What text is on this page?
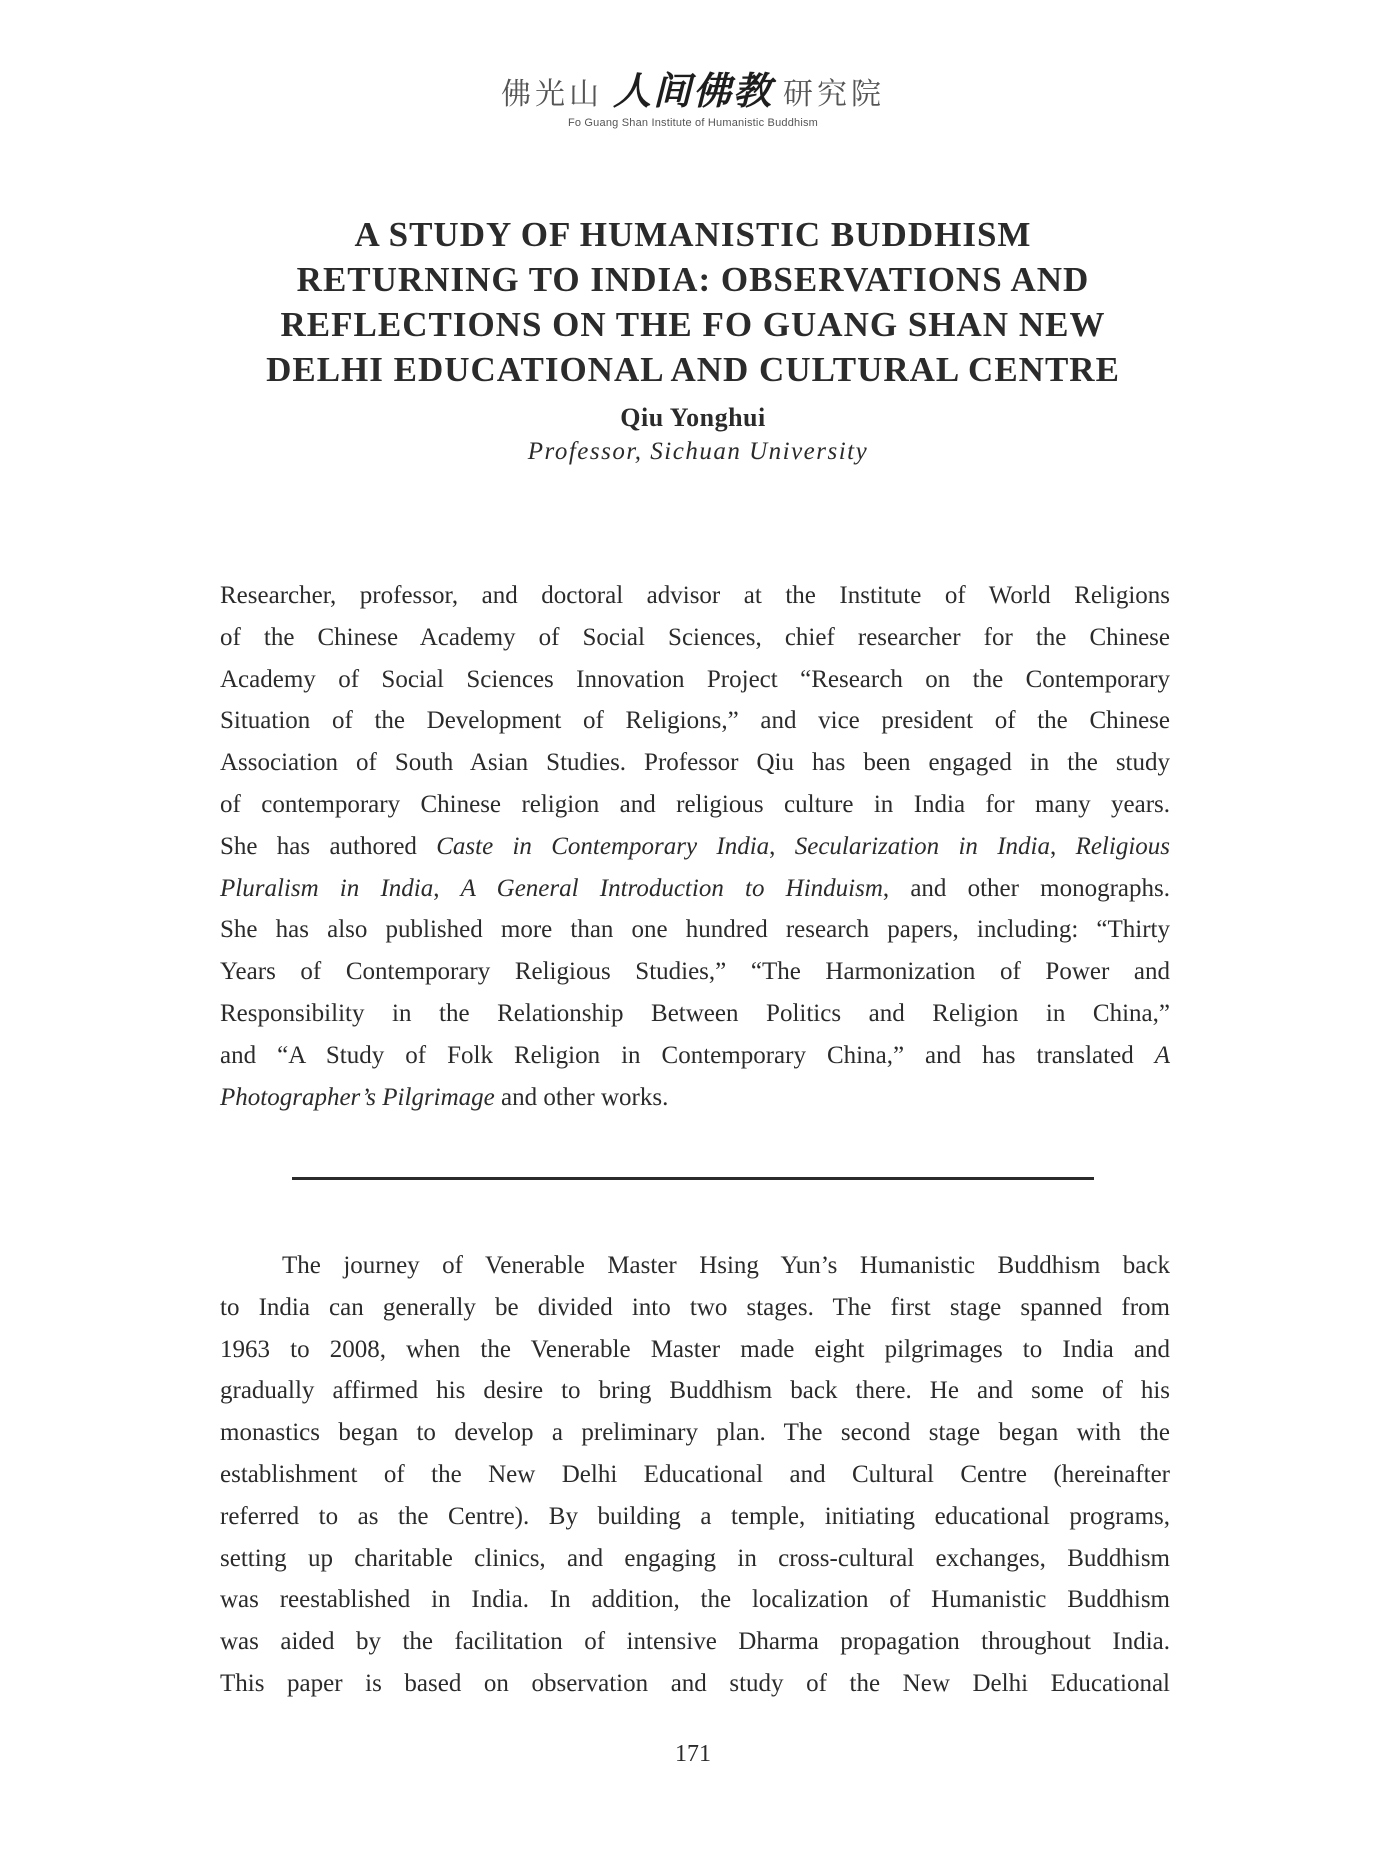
佛光山 人间佛教 研究院
Fo Guang Shan Institute of Humanistic Buddhism
A STUDY OF HUMANISTIC BUDDHISM
RETURNING TO INDIA: OBSERVATIONS AND
REFLECTIONS ON THE FO GUANG SHAN NEW
DELHI EDUCATIONAL AND CULTURAL CENTRE
Qiu Yonghui
Professor, Sichuan University
Researcher, professor, and doctoral advisor at the Institute of World Religions
of the Chinese Academy of Social Sciences, chief researcher for the Chinese
Academy of Social Sciences Innovation Project “Research on the Contemporary
Situation of the Development of Religions,” and vice president of the Chinese
Association of South Asian Studies. Professor Qiu has been engaged in the study
of contemporary Chinese religion and religious culture in India for many years.
She has authored Caste in Contemporary India, Secularization in India, Religious
Pluralism in India, A General Introduction to Hinduism, and other monographs.
She has also published more than one hundred research papers, including: “Thirty
Years of Contemporary Religious Studies,” “The Harmonization of Power and
Responsibility in the Relationship Between Politics and Religion in China,”
and “A Study of Folk Religion in Contemporary China,” and has translated A
Photographer’s Pilgrimage and other works.
The journey of Venerable Master Hsing Yun’s Humanistic Buddhism back
to India can generally be divided into two stages. The first stage spanned from
1963 to 2008, when the Venerable Master made eight pilgrimages to India and
gradually affirmed his desire to bring Buddhism back there. He and some of his
monastics began to develop a preliminary plan. The second stage began with the
establishment of the New Delhi Educational and Cultural Centre (hereinafter
referred to as the Centre). By building a temple, initiating educational programs,
setting up charitable clinics, and engaging in cross-cultural exchanges, Buddhism
was reestablished in India. In addition, the localization of Humanistic Buddhism
was aided by the facilitation of intensive Dharma propagation throughout India.
This paper is based on observation and study of the New Delhi Educational
171
